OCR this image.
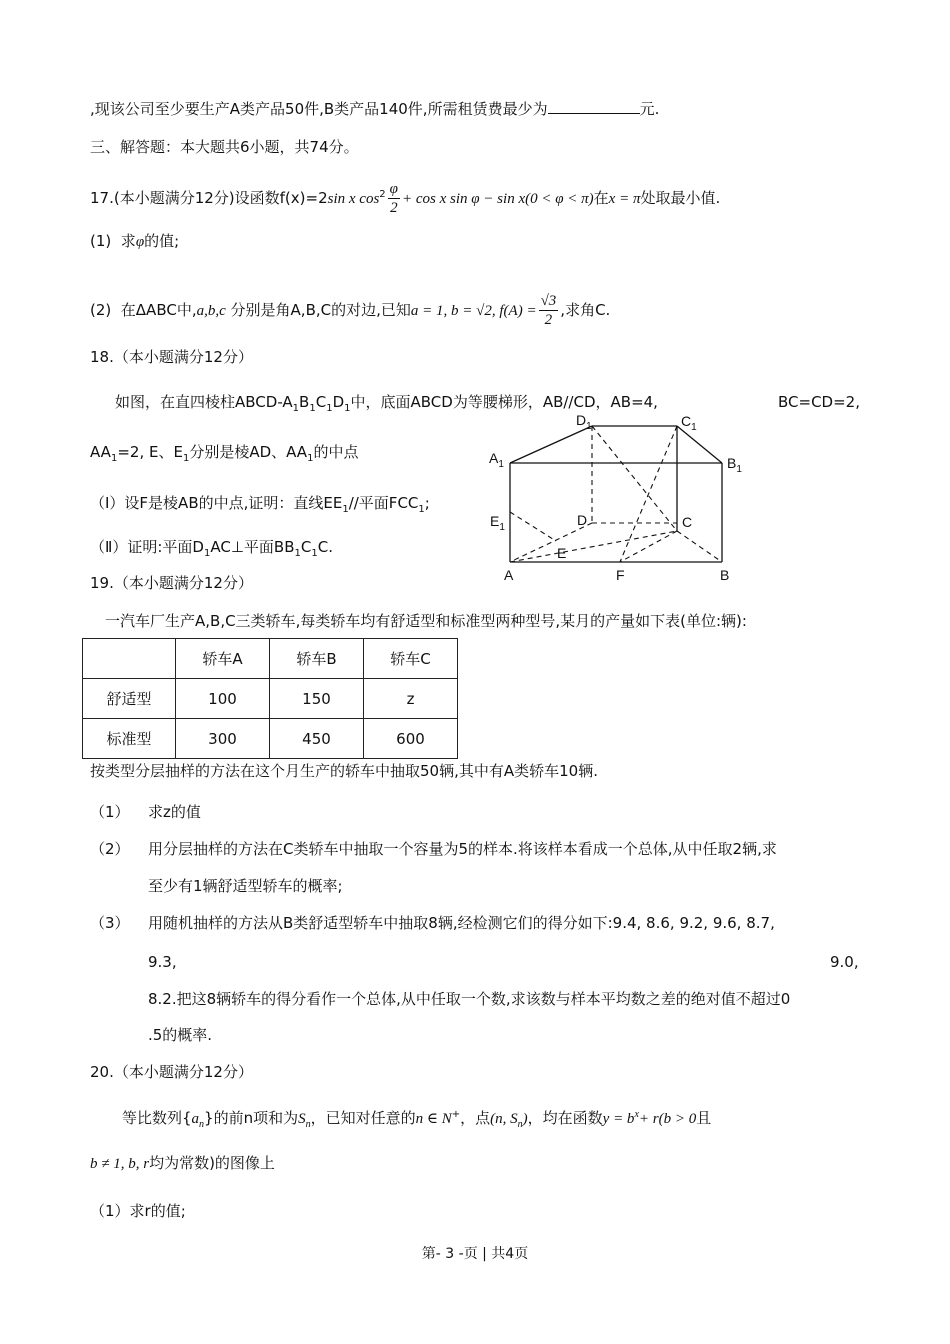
,现该公司至少要生产A类产品50件,B类产品140件,所需租赁费最少为	元.
三、解答题：本大题共6小题，共74分。
17.(本小题满分12分)设函数f(x)=2sin x $\cos^2 \frac{\varphi}{2} + \cos x$ sin φ − sin x(0 < φ < π)在x = π处取最小值.
(1) 求φ的值;
(2) 在ΔABC中,a,b,c 分别是角A,B,C的对边,已知a = 1, b = √2, $f(A) = \frac{√3}{2}$ ,求角C.
18.（本小题满分12分）
如图，在直四棱柱ABCD-$A_1B_1C_1D_1$中，底面ABCD为等腰梯形，AB//CD，AB=4,	BC=CD=2,
$AA_1=2$, E、$E_1$分别是棱AD、$AA_1$的中点
（Ⅰ）设F是棱AB的中点,证明：直线$EE_1//$平面$FCC_1$;
（Ⅱ）证明:平面$D_1AC\perp$平面$BB_1C_1C$.
$D_1$	$C_1$
$A_1$	$B_1$
$E_1$	D	C
E
A	F	B
19.（本小题满分12分）
一汽车厂生产A,B,C三类轿车,每类轿车均有舒适型和标准型两种型号,某月的产量如下表(单位:辆):
	轿车A	轿车B	轿车C
舒适型	100	150	z
标准型	300	450	600
按类型分层抽样的方法在这个月生产的轿车中抽取50辆,其中有A类轿车10辆.
（1） 求z的值
（2） 用分层抽样的方法在C类轿车中抽取一个容量为5的样本.将该样本看成一个总体,从中任取2辆,求
至少有1辆舒适型轿车的概率;
（3） 用随机抽样的方法从B类舒适型轿车中抽取8辆,经检测它们的得分如下:9.4, 8.6, 9.2, 9.6, 8.7,
9.3,	9.0,
8.2.把这8辆轿车的得分看作一个总体,从中任取一个数,求该数与样本平均数之差的绝对值不超过0
.5的概率.
20.（本小题满分12分）
等比数列$\{a_n\}$的前n项和为$S_n$，已知对任意的n ∈ N+，点(n, $S_n$)，均在函数$y = b^x+ r(b > 0$且
b ≠ 1, b, r均为常数)的图像上
（1）求r的值;
第- 3 -页 | 共4页
